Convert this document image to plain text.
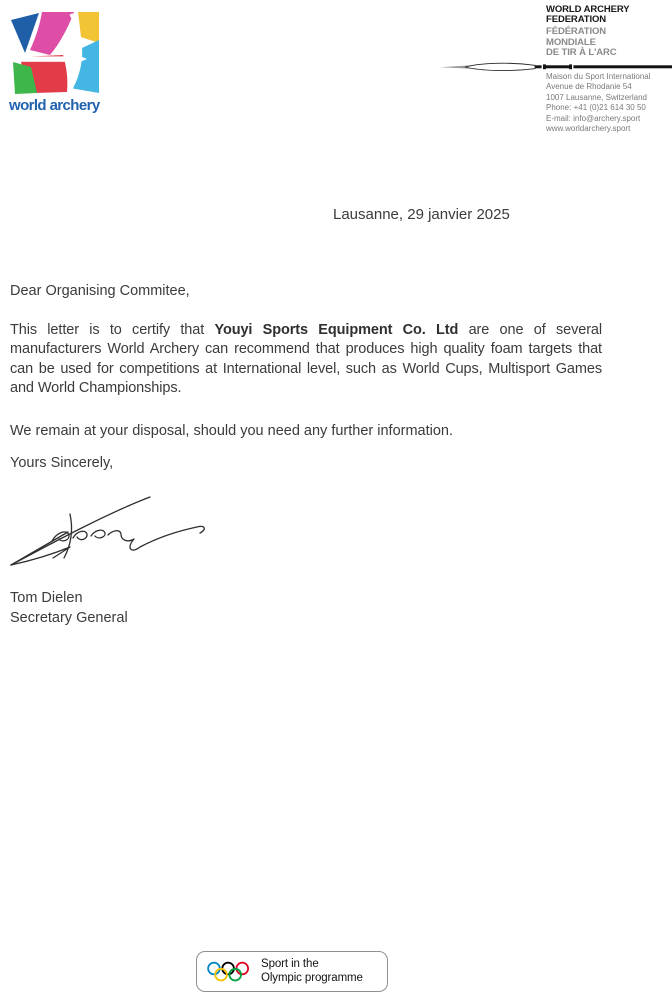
world archery
WORLD ARCHERY
FEDERATION
FÉDÉRATION
MONDIALE
DE TIR À L'ARC
Maison du Sport International
Avenue de Rhodanie 54
1007 Lausanne, Switzerland
Phone: +41 (0)21 614 30 50
E-mail: info@archery.sport
www.worldarchery.sport
Lausanne, 29 janvier 2025
Dear Organising Commitee,

This letter is to certify that Youyi Sports Equipment Co. Ltd are one of several manufacturers World Archery can recommend that produces high quality foam targets that can be used for competitions at International level, such as World Cups, Multisport Games and World Championships.

We remain at your disposal, should you need any further information.

Yours Sincerely,
Tom Dielen
Secretary General
Sport in the
Olympic programme
